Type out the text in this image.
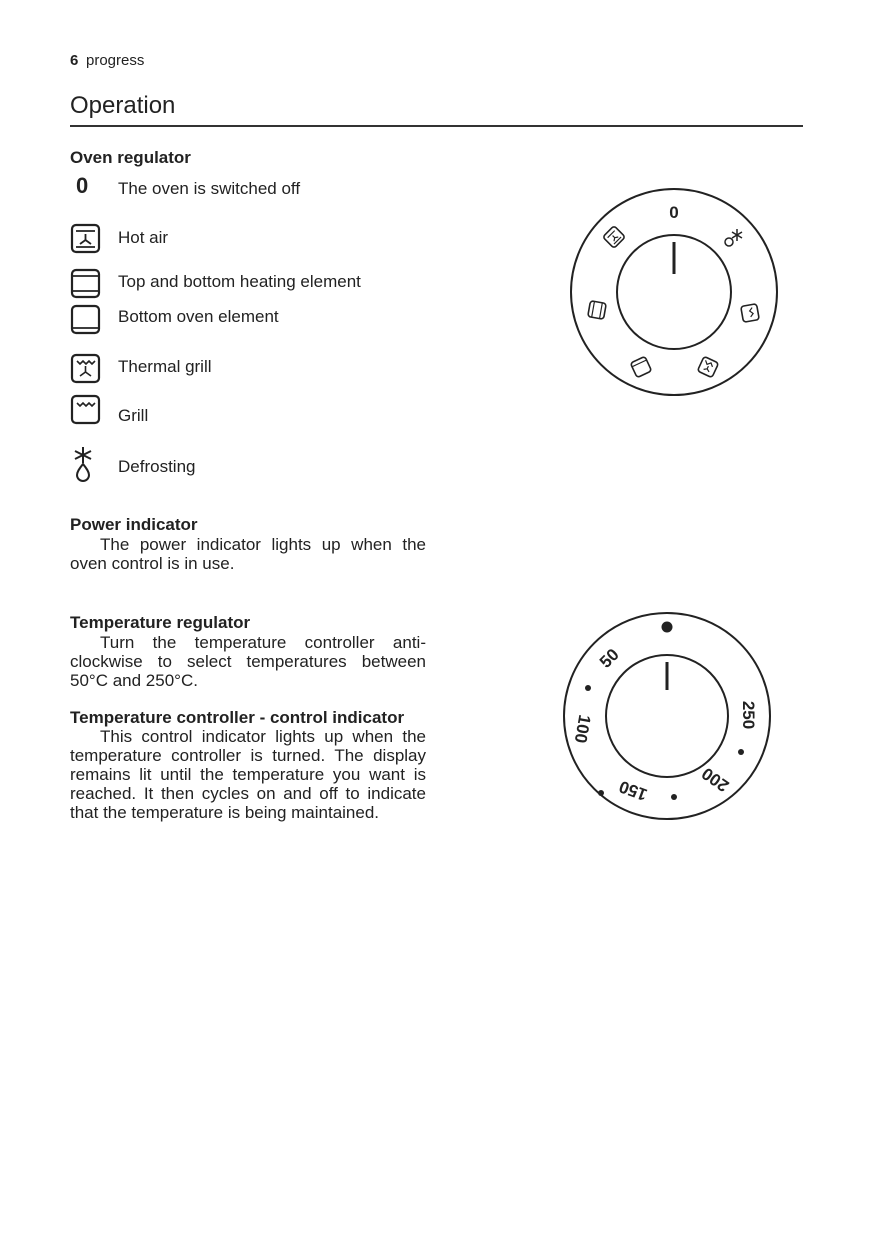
6 progress
Operation
Oven regulator
0 The oven is switched off
Hot air
Top and bottom heating element
Bottom oven element
Thermal grill
Grill
Defrosting
0
Power indicator
The power indicator lights up when the oven control is in use.
Temperature regulator
Turn the temperature controller anti-clockwise to select temperatures between 50°C and 250°C.
Temperature controller - control indicator
This control indicator lights up when the temperature controller is turned. The display remains lit until the temperature you want is reached. It then cycles on and off to indicate that the temperature is being maintained.
50
100
150	200
250
